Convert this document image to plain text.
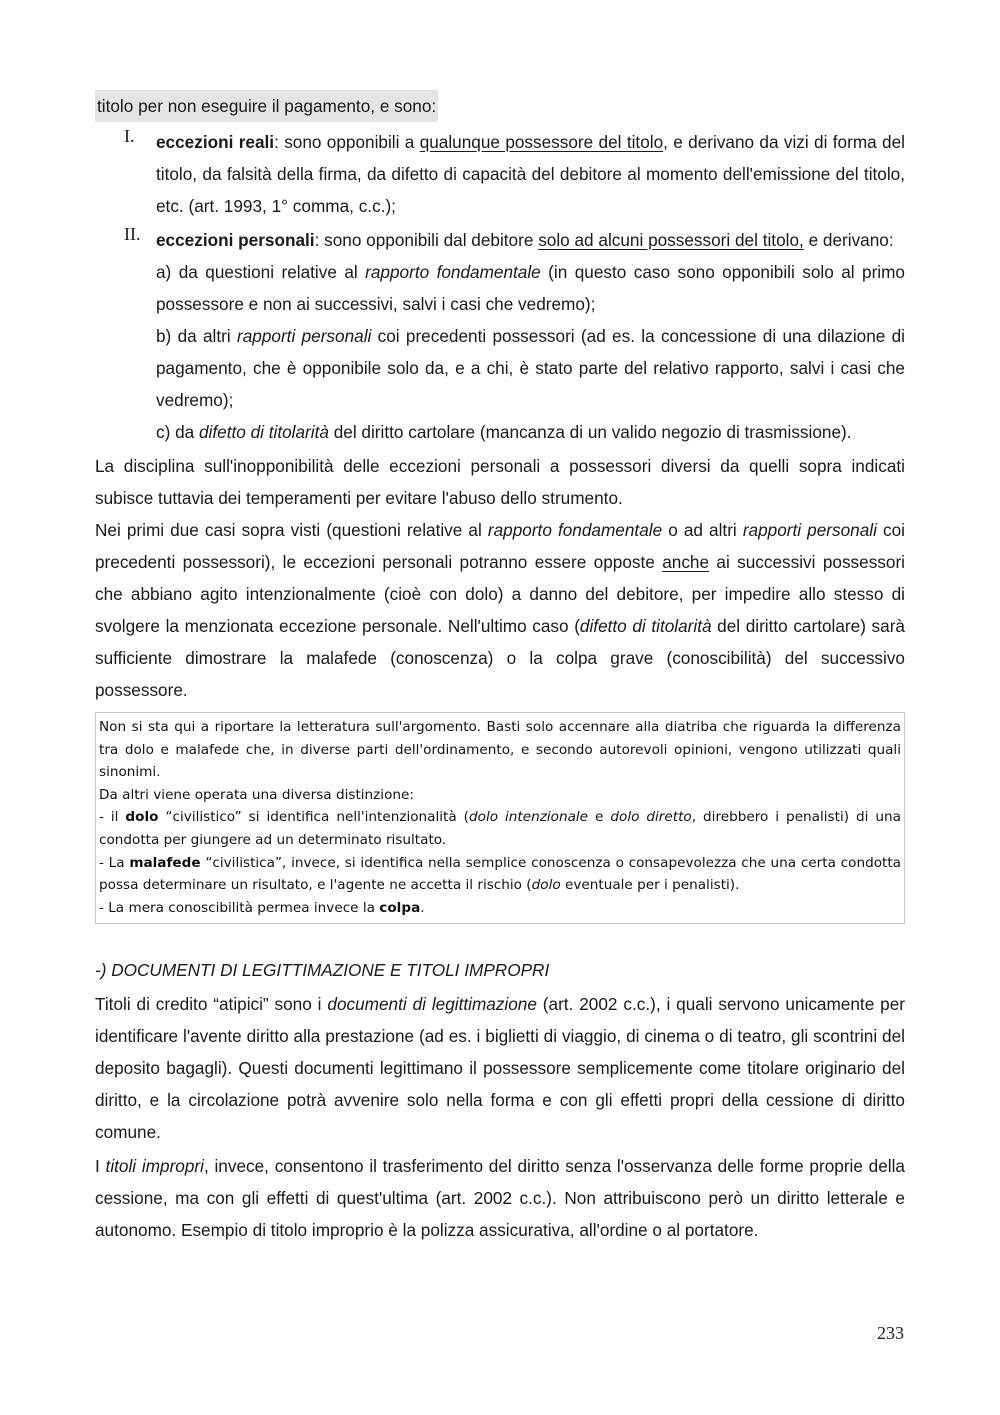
titolo per non eseguire il pagamento, e sono:

I.	eccezioni reali: sono opponibili a qualunque possessore del titolo, e derivano da vizi di forma del titolo, da falsità della firma, da difetto di capacità del debitore al momento dell'emissione del titolo, etc. (art. 1993, 1° comma, c.c.);

II. eccezioni personali: sono opponibili dal debitore solo ad alcuni possessori del titolo, e derivano:

a) da questioni relative al rapporto fondamentale (in questo caso sono opponibili solo al primo possessore e non ai successivi, salvi i casi che vedremo);

b) da altri rapporti personali coi precedenti possessori (ad es. la concessione di una dilazione di pagamento, che è opponibile solo da, e a chi, è stato parte del relativo rapporto, salvi i casi che vedremo);

c) da difetto di titolarità del diritto cartolare (mancanza di un valido negozio di trasmissione).

La disciplina sull'inopponibilità delle eccezioni personali a possessori diversi da quelli sopra indicati subisce tuttavia dei temperamenti per evitare l'abuso dello strumento.

Nei primi due casi sopra visti (questioni relative al rapporto fondamentale o ad altri rapporti personali coi precedenti possessori), le eccezioni personali potranno essere opposte anche ai successivi possessori che abbiano agito intenzionalmente (cioè con dolo) a danno del debitore, per impedire allo stesso di svolgere la menzionata eccezione personale. Nell'ultimo caso (difetto di titolarità del diritto cartolare) sarà sufficiente dimostrare la malafede (conoscenza) o la colpa grave (conoscibilità) del successivo possessore.

Non si sta qui a riportare la letteratura sull'argomento. Basti solo accennare alla diatriba che riguarda la differenza tra dolo e malafede che, in diverse parti dell'ordinamento, e secondo autorevoli opinioni, vengono utilizzati quali sinonimi.
Da altri viene operata una diversa distinzione:
- il dolo “civilistico” si identifica nell'intenzionalità (dolo intenzionale e dolo diretto, direbbero i penalisti) di una condotta per giungere ad un determinato risultato.
- La malafede “civilistica”, invece, si identifica nella semplice conoscenza o consapevolezza che una certa condotta possa determinare un risultato, e l'agente ne accetta il rischio (dolo eventuale per i penalisti).
- La mera conoscibilità permea invece la colpa.

-) DOCUMENTI DI LEGITTIMAZIONE E TITOLI IMPROPRI

Titoli di credito “atipici” sono i documenti di legittimazione (art. 2002 c.c.), i quali servono unicamente per identificare l'avente diritto alla prestazione (ad es. i biglietti di viaggio, di cinema o di teatro, gli scontrini del deposito bagagli). Questi documenti legittimano il possessore semplicemente come titolare originario del diritto, e la circolazione potrà avvenire solo nella forma e con gli effetti propri della cessione di diritto comune.

I titoli impropri, invece, consentono il trasferimento del diritto senza l'osservanza delle forme proprie della cessione, ma con gli effetti di quest'ultima (art. 2002 c.c.). Non attribuiscono però un diritto letterale e autonomo. Esempio di titolo improprio è la polizza assicurativa, all'ordine o al portatore.

233
